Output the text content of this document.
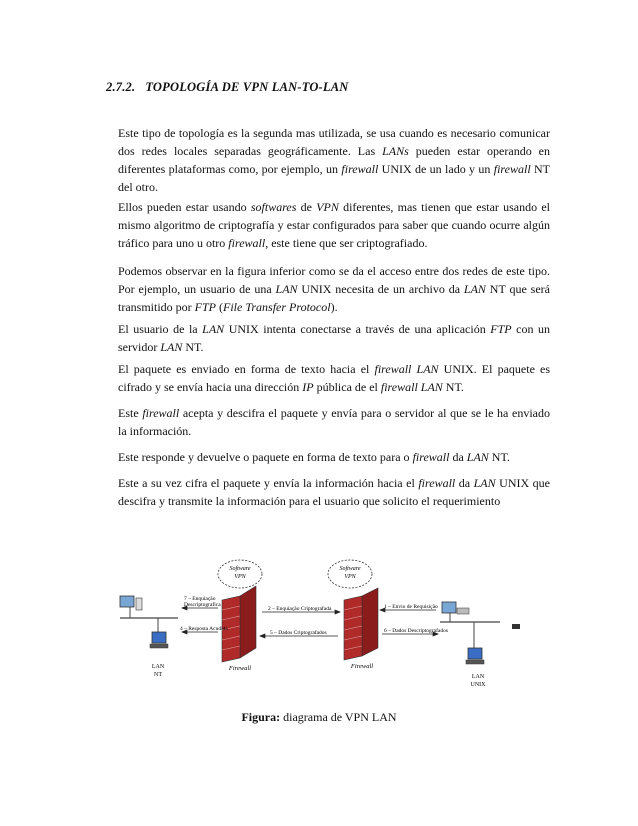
2.7.2. TOPOLOGÍA DE VPN LAN-TO-LAN

Este tipo de topología es la segunda mas utilizada, se usa cuando es necesario comunicar dos redes locales separadas geográficamente. Las LANs pueden estar operando en diferentes plataformas como, por ejemplo, un firewall UNIX de un lado y un firewall NT del otro.

Ellos pueden estar usando softwares de VPN diferentes, mas tienen que estar usando el mismo algoritmo de criptografía y estar configurados para saber que cuando ocurre algún tráfico para uno u otro firewall, este tiene que ser criptografiado.

Podemos observar en la figura inferior como se da el acceso entre dos redes de este tipo. Por ejemplo, un usuario de una LAN UNIX necesita de un archivo da LAN NT que será transmitido por FTP (File Transfer Protocol).

El usuario de la LAN UNIX intenta conectarse a través de una aplicación FTP con un servidor LAN NT.

El paquete es enviado en forma de texto hacia el firewall LAN UNIX. El paquete es cifrado y se envía hacia una dirección IP pública de el firewall LAN NT.

Este firewall acepta y descifra el paquete y envía para o servidor al que se le ha enviado la información.

Este responde y devuelve o paquete en forma de texto para o firewall da LAN NT.

Este a su vez cifra el paquete y envía la información hacia el firewall da LAN UNIX que descifra y transmite la información para el usuario que solicito el requerimiento

Software
VPN
Software
VPN
LAN
NT
Firewall	Firewall
7 – Enquiação
Descriptografica
4 – Resposta Acudida
2 – Enquiação Criptografada
5 – Dados Criptografados
1 – Envio de Requisição
6 – Dados Descriptografados
LAN
UNIX
Figura: diagrama de VPN LAN
